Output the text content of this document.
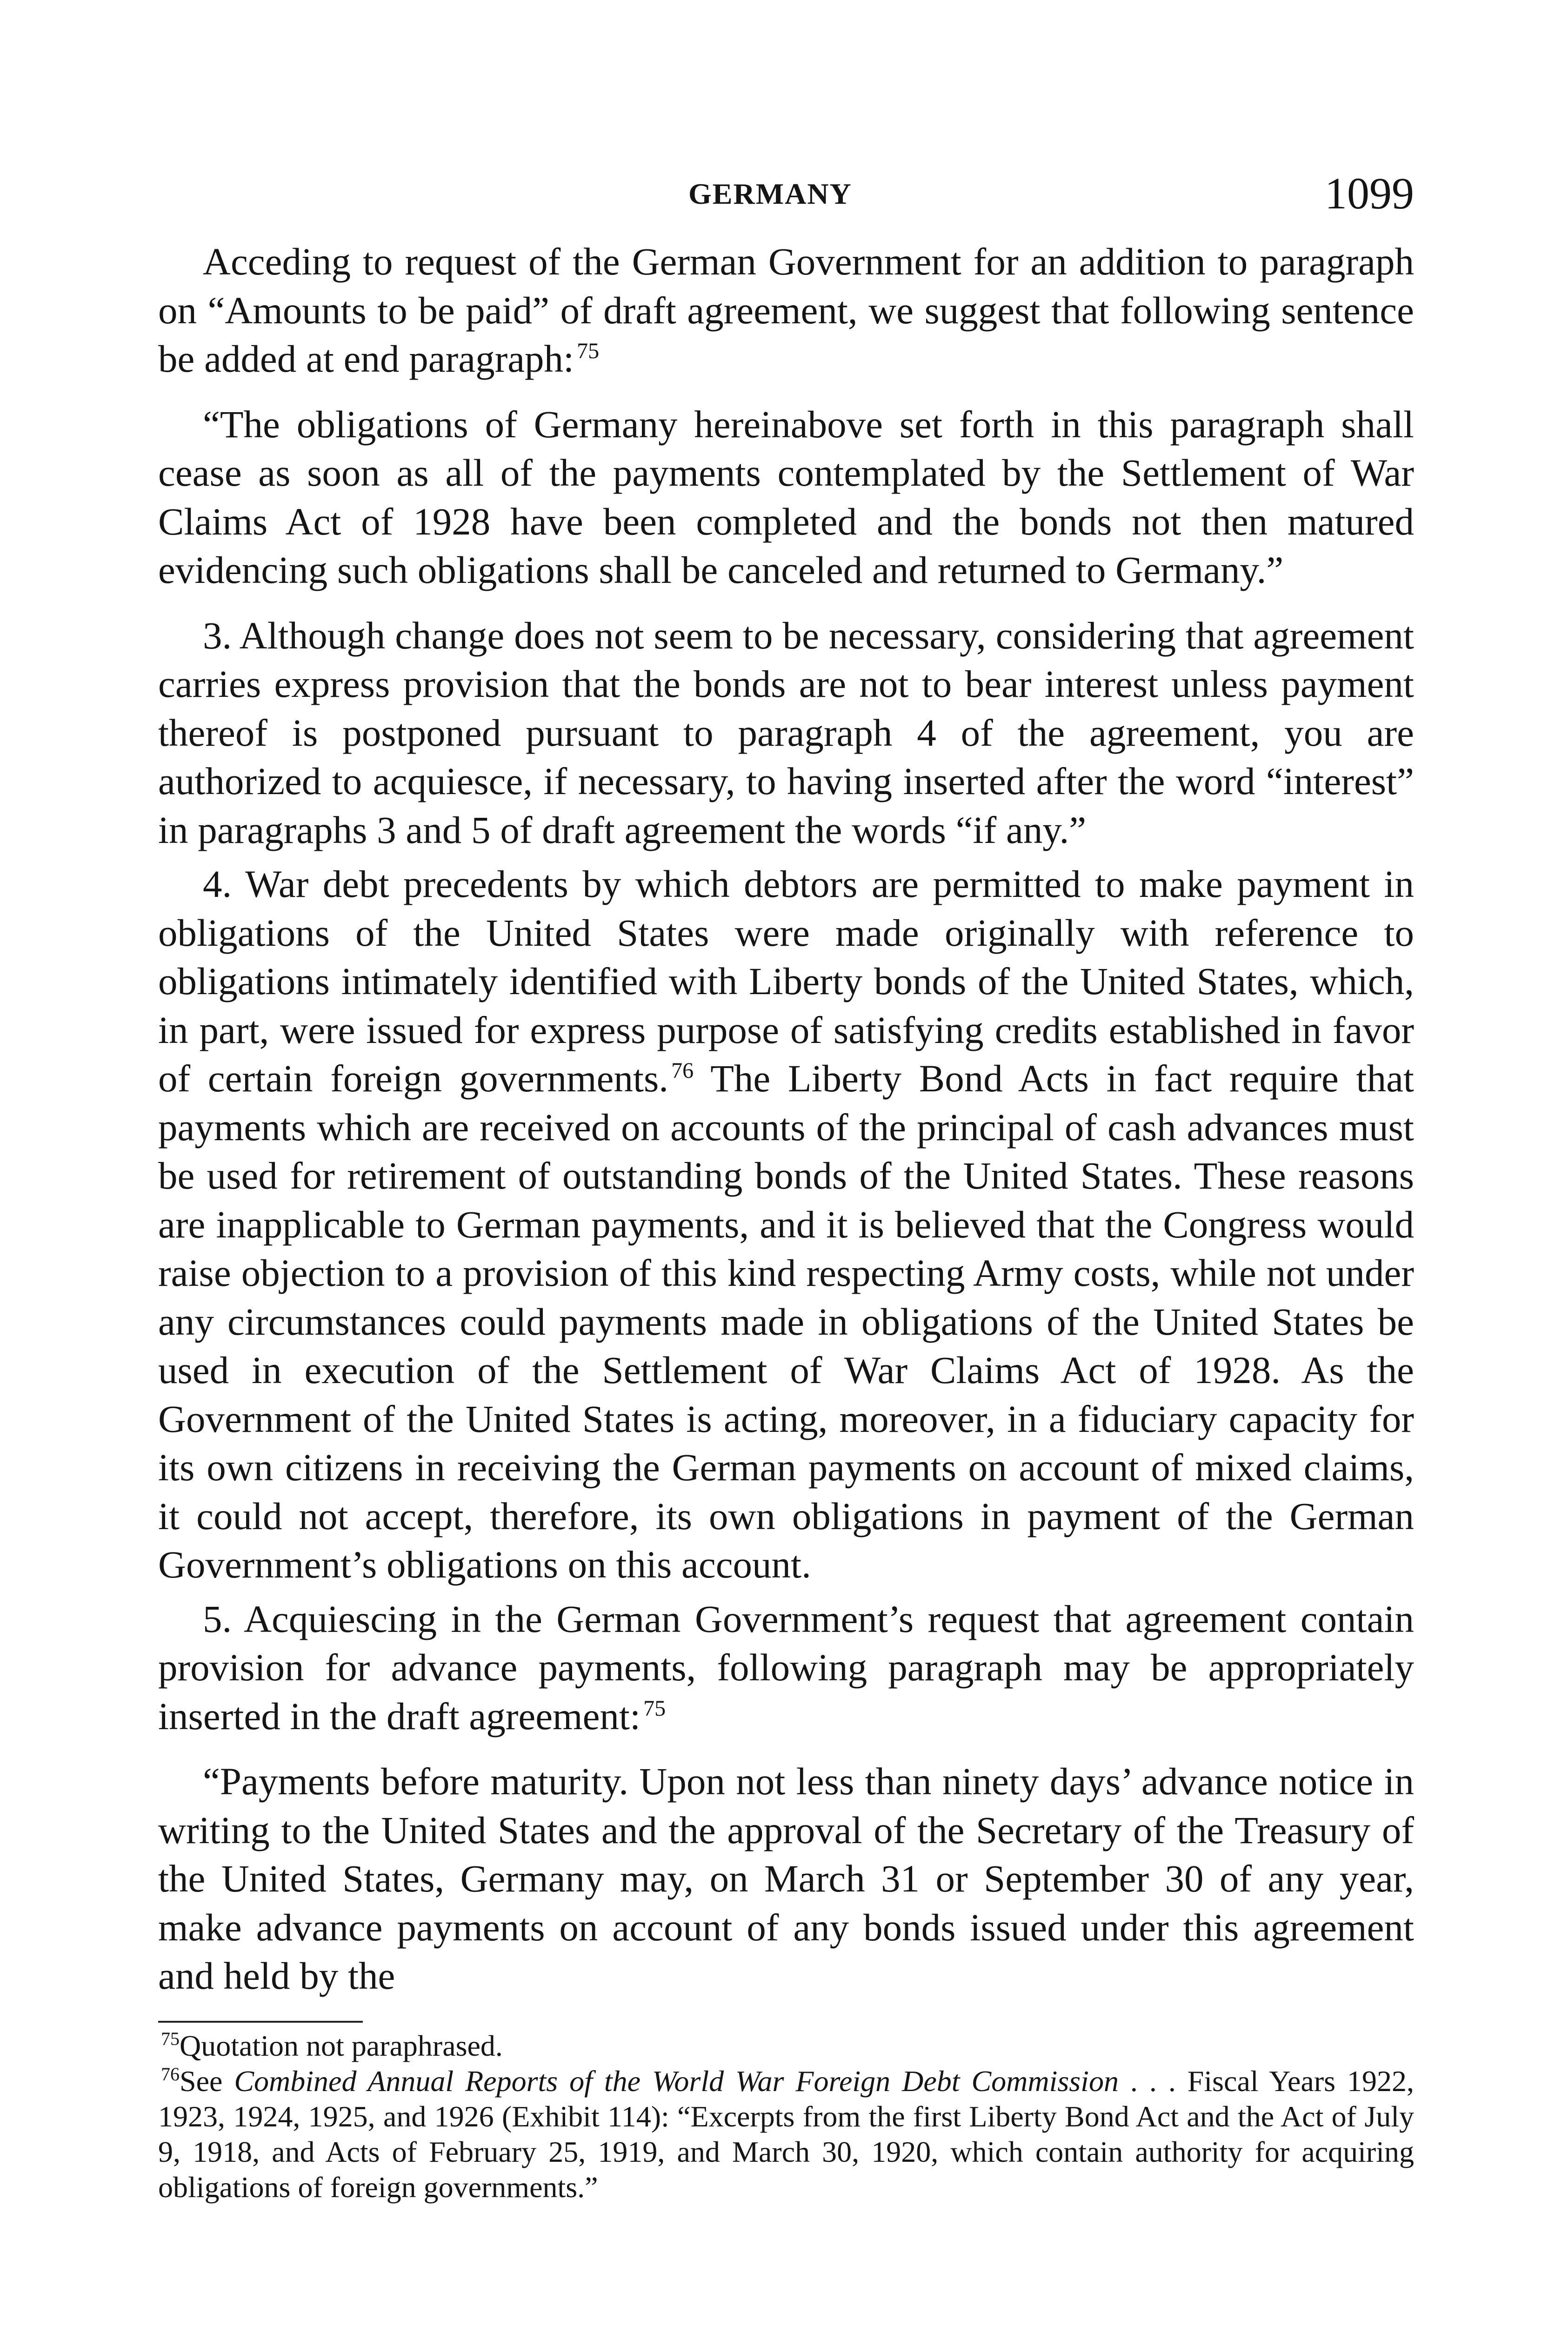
GERMANY	1099

Acceding to request of the German Government for an addition to paragraph on “Amounts to be paid” of draft agreement, we suggest that following sentence be added at end paragraph: $^{75}$

“The obligations of Germany hereinabove set forth in this paragraph shall cease as soon as all of the payments contemplated by the Settlement of War Claims Act of 1928 have been completed and the bonds not then matured evidencing such obligations shall be canceled and returned to Germany.”

3. Although change does not seem to be necessary, considering that agreement carries express provision that the bonds are not to bear interest unless payment thereof is postponed pursuant to paragraph 4 of the agreement, you are authorized to acquiesce, if necessary, to having inserted after the word “interest” in paragraphs 3 and 5 of draft agreement the words “if any.”

4. War debt precedents by which debtors are permitted to make payment in obligations of the United States were made originally with reference to obligations intimately identified with Liberty bonds of the United States, which, in part, were issued for express purpose of satisfying credits established in favor of certain foreign governments. $^{76}$ The Liberty Bond Acts in fact require that payments which are received on accounts of the principal of cash advances must be used for retirement of outstanding bonds of the United States. These reasons are inapplicable to German payments, and it is believed that the Congress would raise objection to a provision of this kind respecting Army costs, while not under any circumstances could payments made in obligations of the United States be used in execution of the Settlement of War Claims Act of 1928. As the Government of the United States is acting, moreover, in a fiduciary capacity for its own citizens in receiving the German payments on account of mixed claims, it could not accept, therefore, its own obligations in payment of the German Government’s obligations on this account.

5. Acquiescing in the German Government’s request that agreement contain provision for advance payments, following paragraph may be appropriately inserted in the draft agreement: $^{75}$

“Payments before maturity. Upon not less than ninety days’ advance notice in writing to the United States and the approval of the Secretary of the Treasury of the United States, Germany may, on March 31 or September 30 of any year, make advance payments on account of any bonds issued under this agreement and held by the

$^{75}$Quotation not paraphrased.

$^{76}$See Combined Annual Reports of the World War Foreign Debt Commission . . . Fiscal Years 1922, 1923, 1924, 1925, and 1926 (Exhibit 114): “Excerpts from the first Liberty Bond Act and the Act of July 9, 1918, and Acts of February 25, 1919, and March 30, 1920, which contain authority for acquiring obligations of foreign governments.”
